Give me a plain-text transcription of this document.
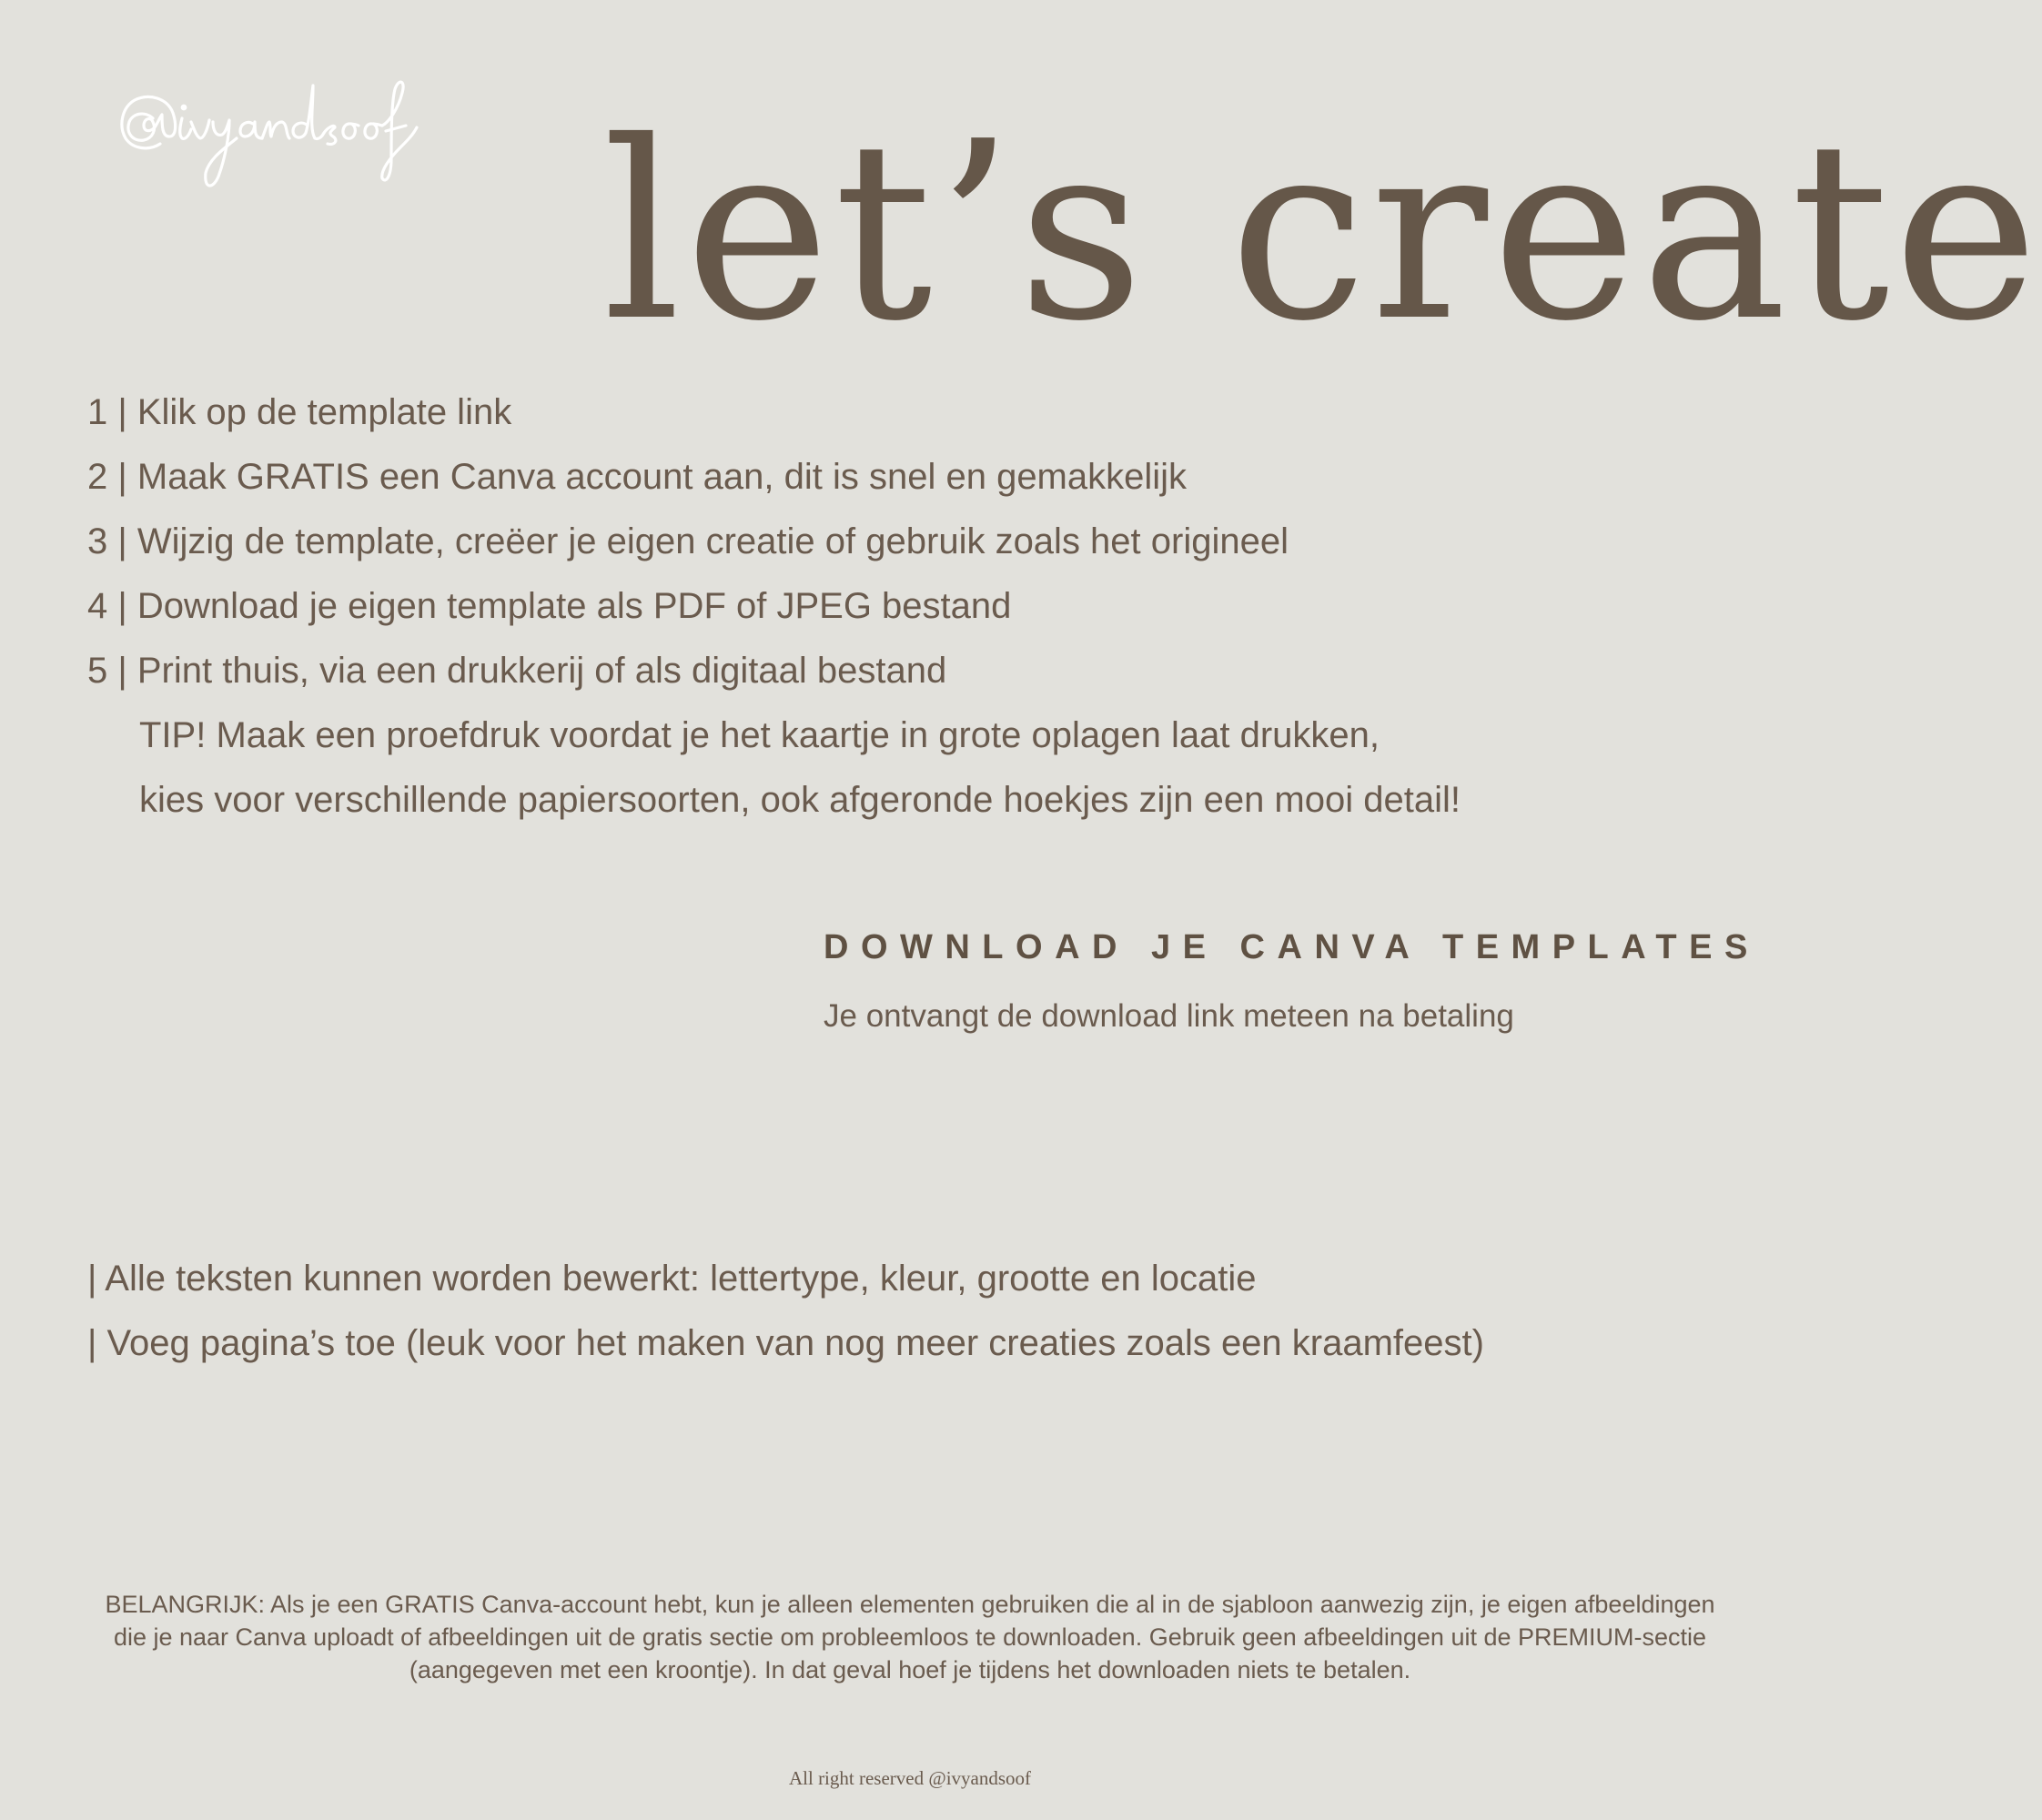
let’s create
1 | Klik op de template link
2 | Maak GRATIS een Canva account aan, dit is snel en gemakkelijk
3 | Wijzig de template, creëer je eigen creatie of gebruik zoals het origineel
4 | Download je eigen template als PDF of JPEG bestand
5 | Print thuis, via een drukkerij of als digitaal bestand
TIP! Maak een proefdruk voordat je het kaartje in grote oplagen laat drukken,
kies voor verschillende papiersoorten, ook afgeronde hoekjes zijn een mooi detail!
DOWNLOAD JE CANVA TEMPLATES
Je ontvangt de download link meteen na betaling
| Alle teksten kunnen worden bewerkt: lettertype, kleur, grootte en locatie
| Voeg pagina’s toe (leuk voor het maken van nog meer creaties zoals een kraamfeest)
BELANGRIJK: Als je een GRATIS Canva-account hebt, kun je alleen elementen gebruiken die al in de sjabloon aanwezig zijn, je eigen afbeeldingen die je naar Canva uploadt of afbeeldingen uit de gratis sectie om probleemloos te downloaden. Gebruik geen afbeeldingen uit de PREMIUM-sectie (aangegeven met een kroontje). In dat geval hoef je tijdens het downloaden niets te betalen.
All right reserved @ivyandsoof
